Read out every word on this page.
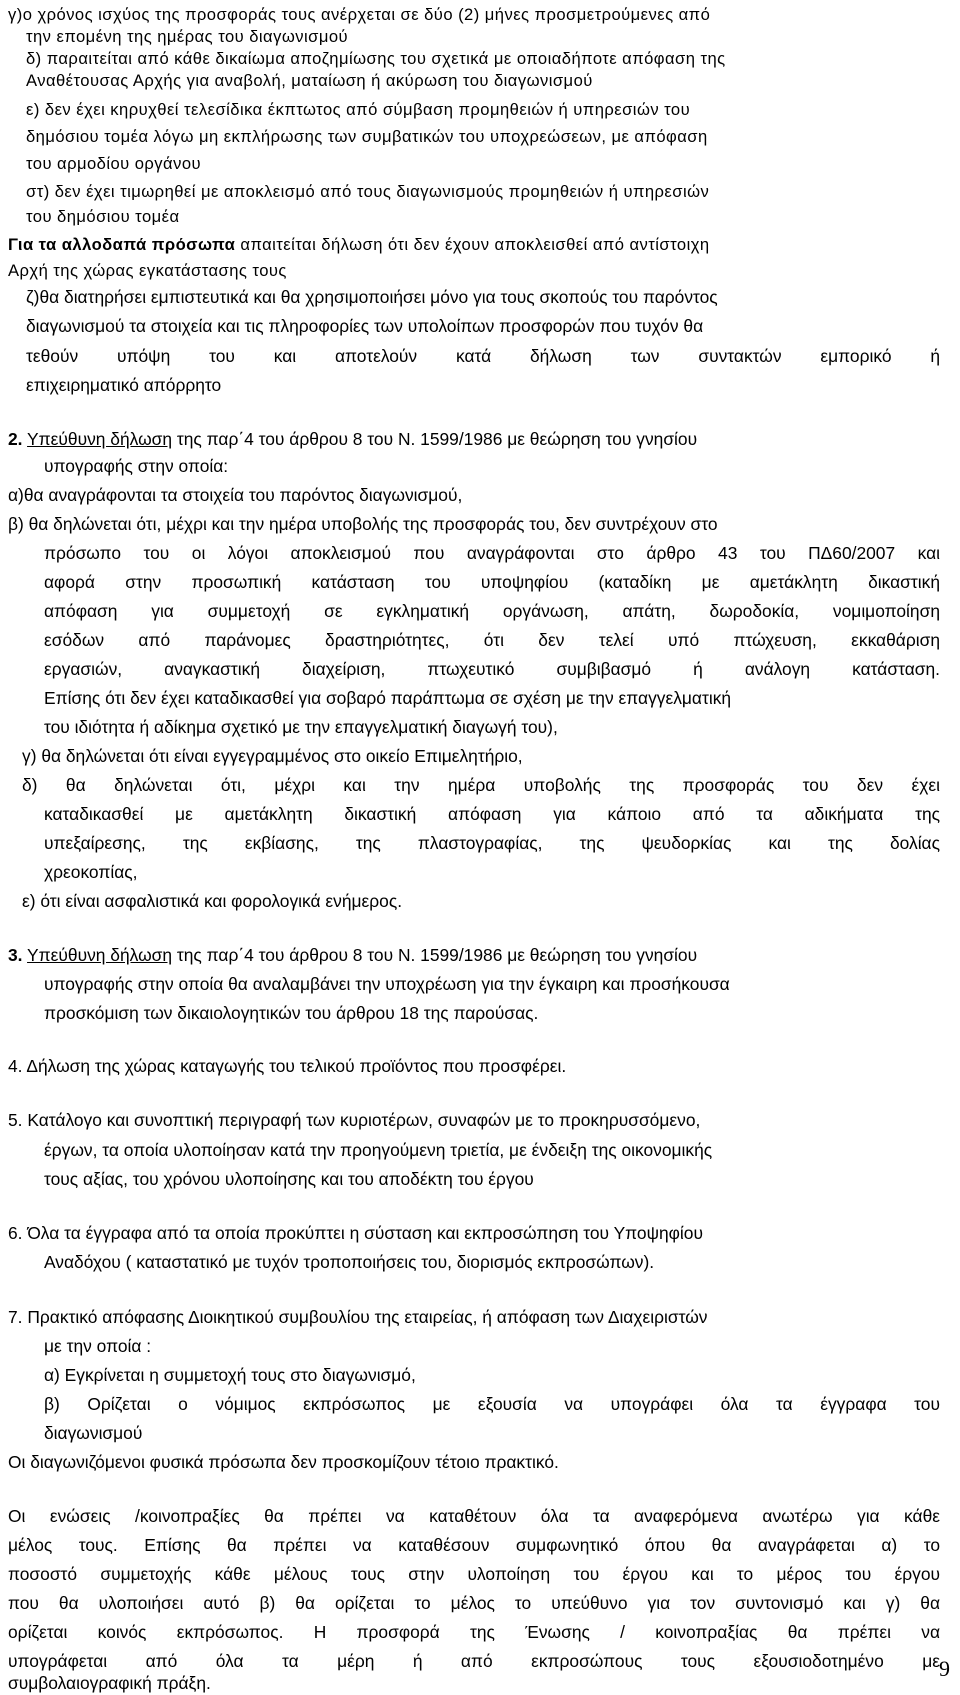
γ)ο χρόνος ισχύος της προσφοράς τους ανέρχεται σε δύο (2) μήνες προσμετρούμενες από
την επομένη της ημέρας του διαγωνισμού
δ) παραιτείται από κάθε δικαίωμα αποζημίωσης του σχετικά με οποιαδήποτε απόφαση της
Αναθέτουσας Αρχής για αναβολή, ματαίωση ή ακύρωση του διαγωνισμού
ε) δεν έχει κηρυχθεί τελεσίδικα έκπτωτος από σύμβαση προμηθειών ή υπηρεσιών του
δημόσιου τομέα λόγω μη εκπλήρωσης των συμβατικών του υποχρεώσεων, με απόφαση
του αρμοδίου οργάνου
στ) δεν έχει τιμωρηθεί με αποκλεισμό από τους διαγωνισμούς προμηθειών ή υπηρεσιών
του δημόσιου τομέα
Για τα αλλοδαπά πρόσωπα απαιτείται δήλωση ότι δεν έχουν αποκλεισθεί από αντίστοιχη
Αρχή της χώρας εγκατάστασης τους
ζ)θα διατηρήσει εμπιστευτικά και θα χρησιμοποιήσει μόνο για τους σκοπούς του παρόντος
διαγωνισμού τα στοιχεία και τις πληροφορίες των υπολοίπων προσφορών που τυχόν θα
τεθούν υπόψη του και αποτελούν κατά δήλωση των συντακτών εμπορικό ή
επιχειρηματικό απόρρητο
2. Υπεύθυνη δήλωση της παρ΄4 του άρθρου 8 του Ν. 1599/1986 με θεώρηση του γνησίου
υπογραφής στην οποία:
α)θα αναγράφονται τα στοιχεία του παρόντος διαγωνισμού,
β) θα δηλώνεται ότι, μέχρι και την ημέρα υποβολής της προσφοράς του, δεν συντρέχουν στο
πρόσωπο του οι λόγοι αποκλεισμού που αναγράφονται στο άρθρο 43 του ΠΔ60/2007 και
αφορά στην προσωπική κατάσταση του υποψηφίου (καταδίκη με αμετάκλητη δικαστική
απόφαση για συμμετοχή σε εγκληματική οργάνωση, απάτη, δωροδοκία, νομιμοποίηση
εσόδων από παράνομες δραστηριότητες, ότι δεν τελεί υπό πτώχευση, εκκαθάριση
εργασιών, αναγκαστική διαχείριση, πτωχευτικό συμβιβασμό ή ανάλογη κατάσταση.
Επίσης ότι δεν έχει καταδικασθεί για σοβαρό παράπτωμα σε σχέση με την επαγγελματική
του ιδιότητα ή αδίκημα σχετικό με την επαγγελματική διαγωγή του),
γ) θα δηλώνεται ότι είναι εγγεγραμμένος στο οικείο Επιμελητήριο,
δ) θα δηλώνεται ότι, μέχρι και την ημέρα υποβολής της προσφοράς του δεν έχει
καταδικασθεί με αμετάκλητη δικαστική απόφαση για κάποιο από τα αδικήματα της
υπεξαίρεσης, της εκβίασης, της πλαστογραφίας, της ψευδορκίας και της δολίας
χρεοκοπίας,
ε) ότι είναι ασφαλιστικά και φορολογικά ενήμερος.
3. Υπεύθυνη δήλωση της παρ΄4 του άρθρου 8 του Ν. 1599/1986 με θεώρηση του γνησίου
υπογραφής στην οποία θα αναλαμβάνει την υποχρέωση για την έγκαιρη και προσήκουσα
προσκόμιση των δικαιολογητικών του άρθρου 18 της παρούσας.
4. Δήλωση της χώρας καταγωγής του τελικού προϊόντος που προσφέρει.
5. Κατάλογο και συνοπτική περιγραφή των κυριοτέρων, συναφών με το προκηρυσσόμενο,
έργων, τα οποία υλοποίησαν κατά την προηγούμενη τριετία, με ένδειξη της οικονομικής
τους αξίας, του χρόνου υλοποίησης και του αποδέκτη του έργου
6. Όλα τα έγγραφα από τα οποία προκύπτει η σύσταση και εκπροσώπηση του Υποψηφίου
Αναδόχου ( καταστατικό με τυχόν τροποποιήσεις του, διορισμός εκπροσώπων).
7. Πρακτικό απόφασης Διοικητικού συμβουλίου της εταιρείας, ή απόφαση των Διαχειριστών
με την οποία :
α) Εγκρίνεται η συμμετοχή τους στο διαγωνισμό,
β) Ορίζεται ο νόμιμος εκπρόσωπος με εξουσία να υπογράφει όλα τα έγγραφα του
διαγωνισμού
Οι διαγωνιζόμενοι φυσικά πρόσωπα δεν προσκομίζουν τέτοιο πρακτικό.
Οι ενώσεις /κοινοπραξίες θα πρέπει να καταθέτουν όλα τα αναφερόμενα ανωτέρω για κάθε
μέλος τους. Επίσης θα πρέπει να καταθέσουν συμφωνητικό όπου θα αναγράφεται α) το
ποσοστό συμμετοχής κάθε μέλους τους στην υλοποίηση του έργου και το μέρος του έργου
που θα υλοποιήσει αυτό β) θα ορίζεται το μέλος το υπεύθυνο για τον συντονισμό και γ) θα
ορίζεται κοινός εκπρόσωπος. Η προσφορά της Ένωσης / κοινοπραξίας θα πρέπει να
υπογράφεται από όλα τα μέρη ή από εκπροσώπους τους εξουσιοδοτημένο με
συμβολαιογραφική πράξη.
9
